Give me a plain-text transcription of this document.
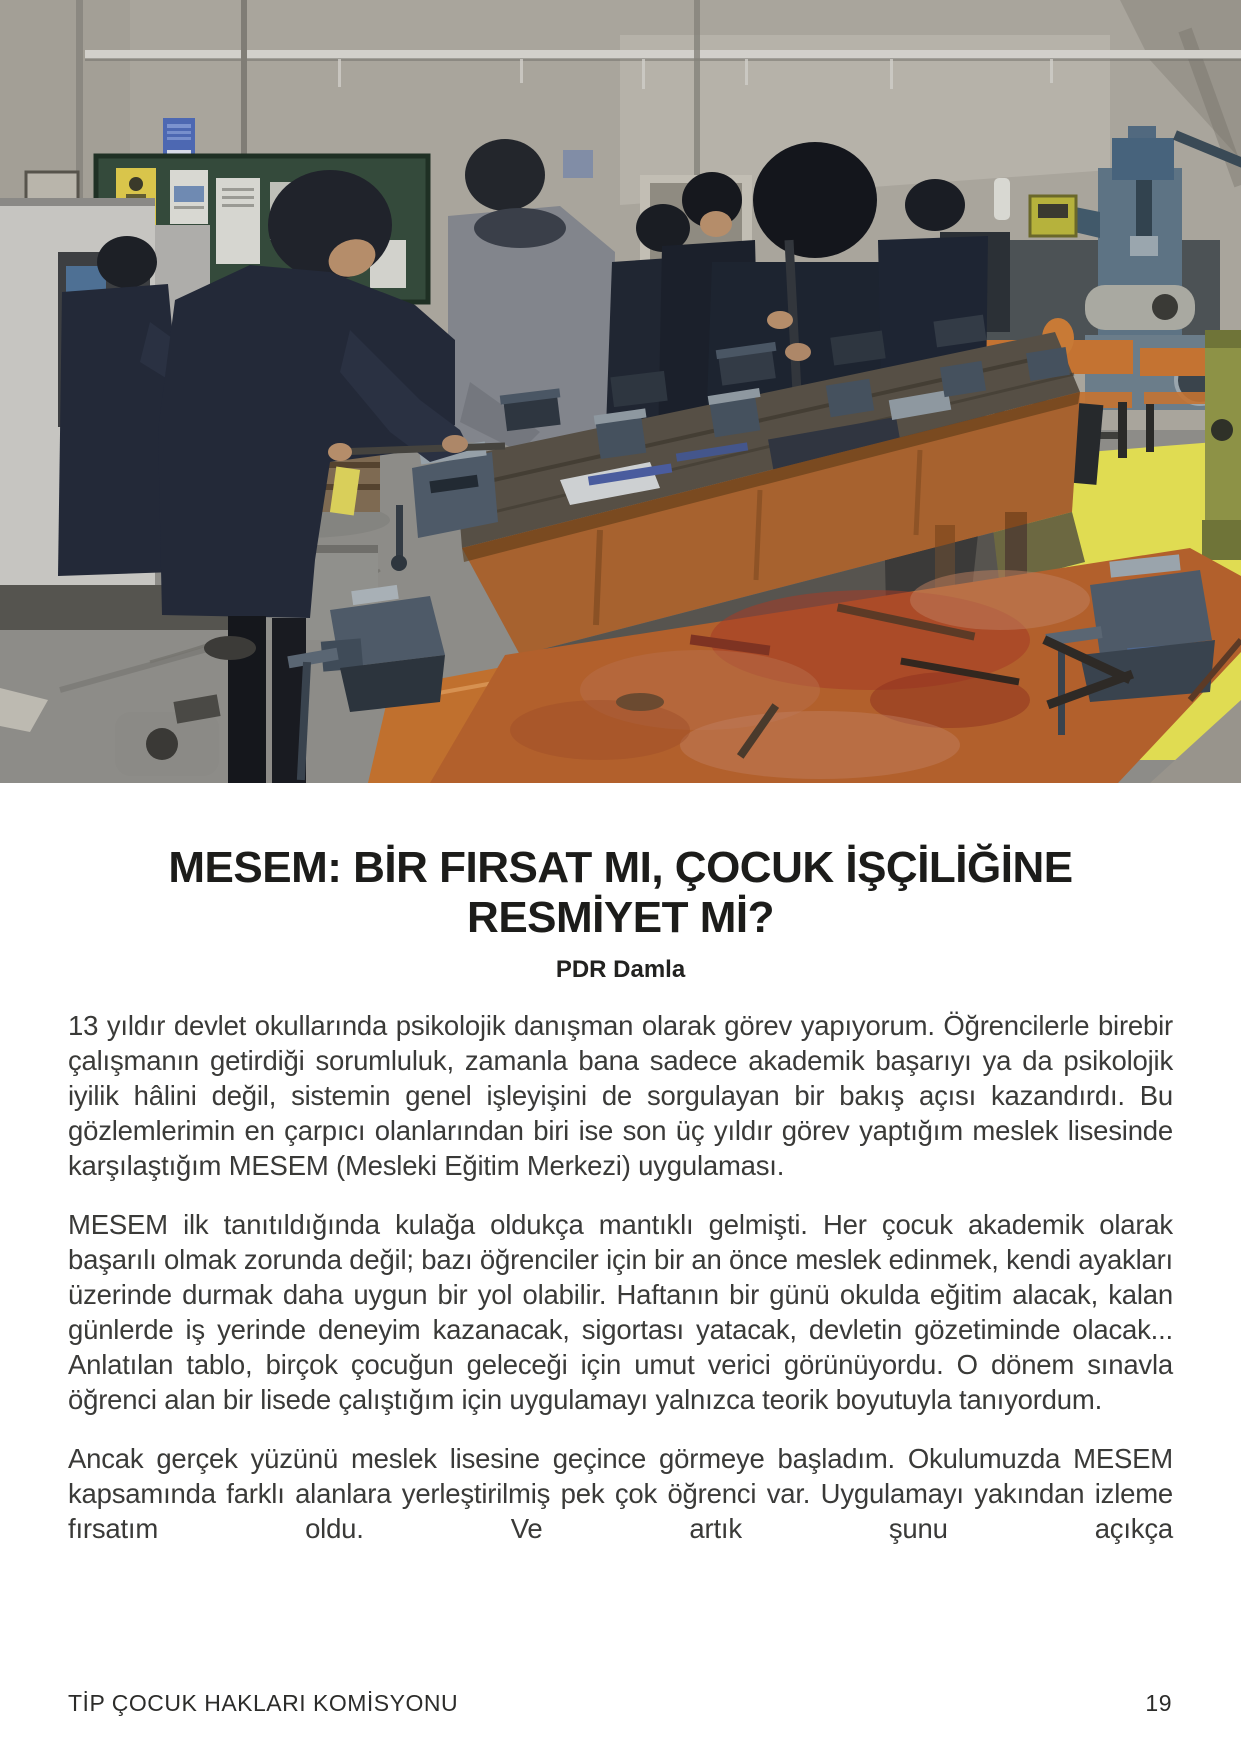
MESEM: BİR FIRSAT MI, ÇOCUK İŞÇİLİĞİNE RESMİYET Mİ?
PDR Damla

13 yıldır devlet okullarında psikolojik danışman olarak görev yapıyorum. Öğrencilerle birebir çalışmanın getirdiği sorumluluk, zamanla bana sadece akademik başarıyı ya da psikolojik iyilik hâlini değil, sistemin genel işleyişini de sorgulayan bir bakış açısı kazandırdı. Bu gözlemlerimin en çarpıcı olanlarından biri ise son üç yıldır görev yaptığım meslek lisesinde karşılaştığım MESEM (Mesleki Eğitim Merkezi) uygulaması.

MESEM ilk tanıtıldığında kulağa oldukça mantıklı gelmişti. Her çocuk akademik olarak başarılı olmak zorunda değil; bazı öğrenciler için bir an önce meslek edinmek, kendi ayakları üzerinde durmak daha uygun bir yol olabilir. Haftanın bir günü okulda eğitim alacak, kalan günlerde iş yerinde deneyim kazanacak, sigortası yatacak, devletin gözetiminde olacak... Anlatılan tablo, birçok çocuğun geleceği için umut verici görünüyordu. O dönem sınavla öğrenci alan bir lisede çalıştığım için uygulamayı yalnızca teorik boyutuyla tanıyordum.

Ancak gerçek yüzünü meslek lisesine geçince görmeye başladım. Okulumuzda MESEM kapsamında farklı alanlara yerleştirilmiş pek çok öğrenci var. Uygulamayı yakından izleme fırsatım oldu. Ve artık şunu açıkça

TİP ÇOCUK HAKLARI KOMİSYONU	19
